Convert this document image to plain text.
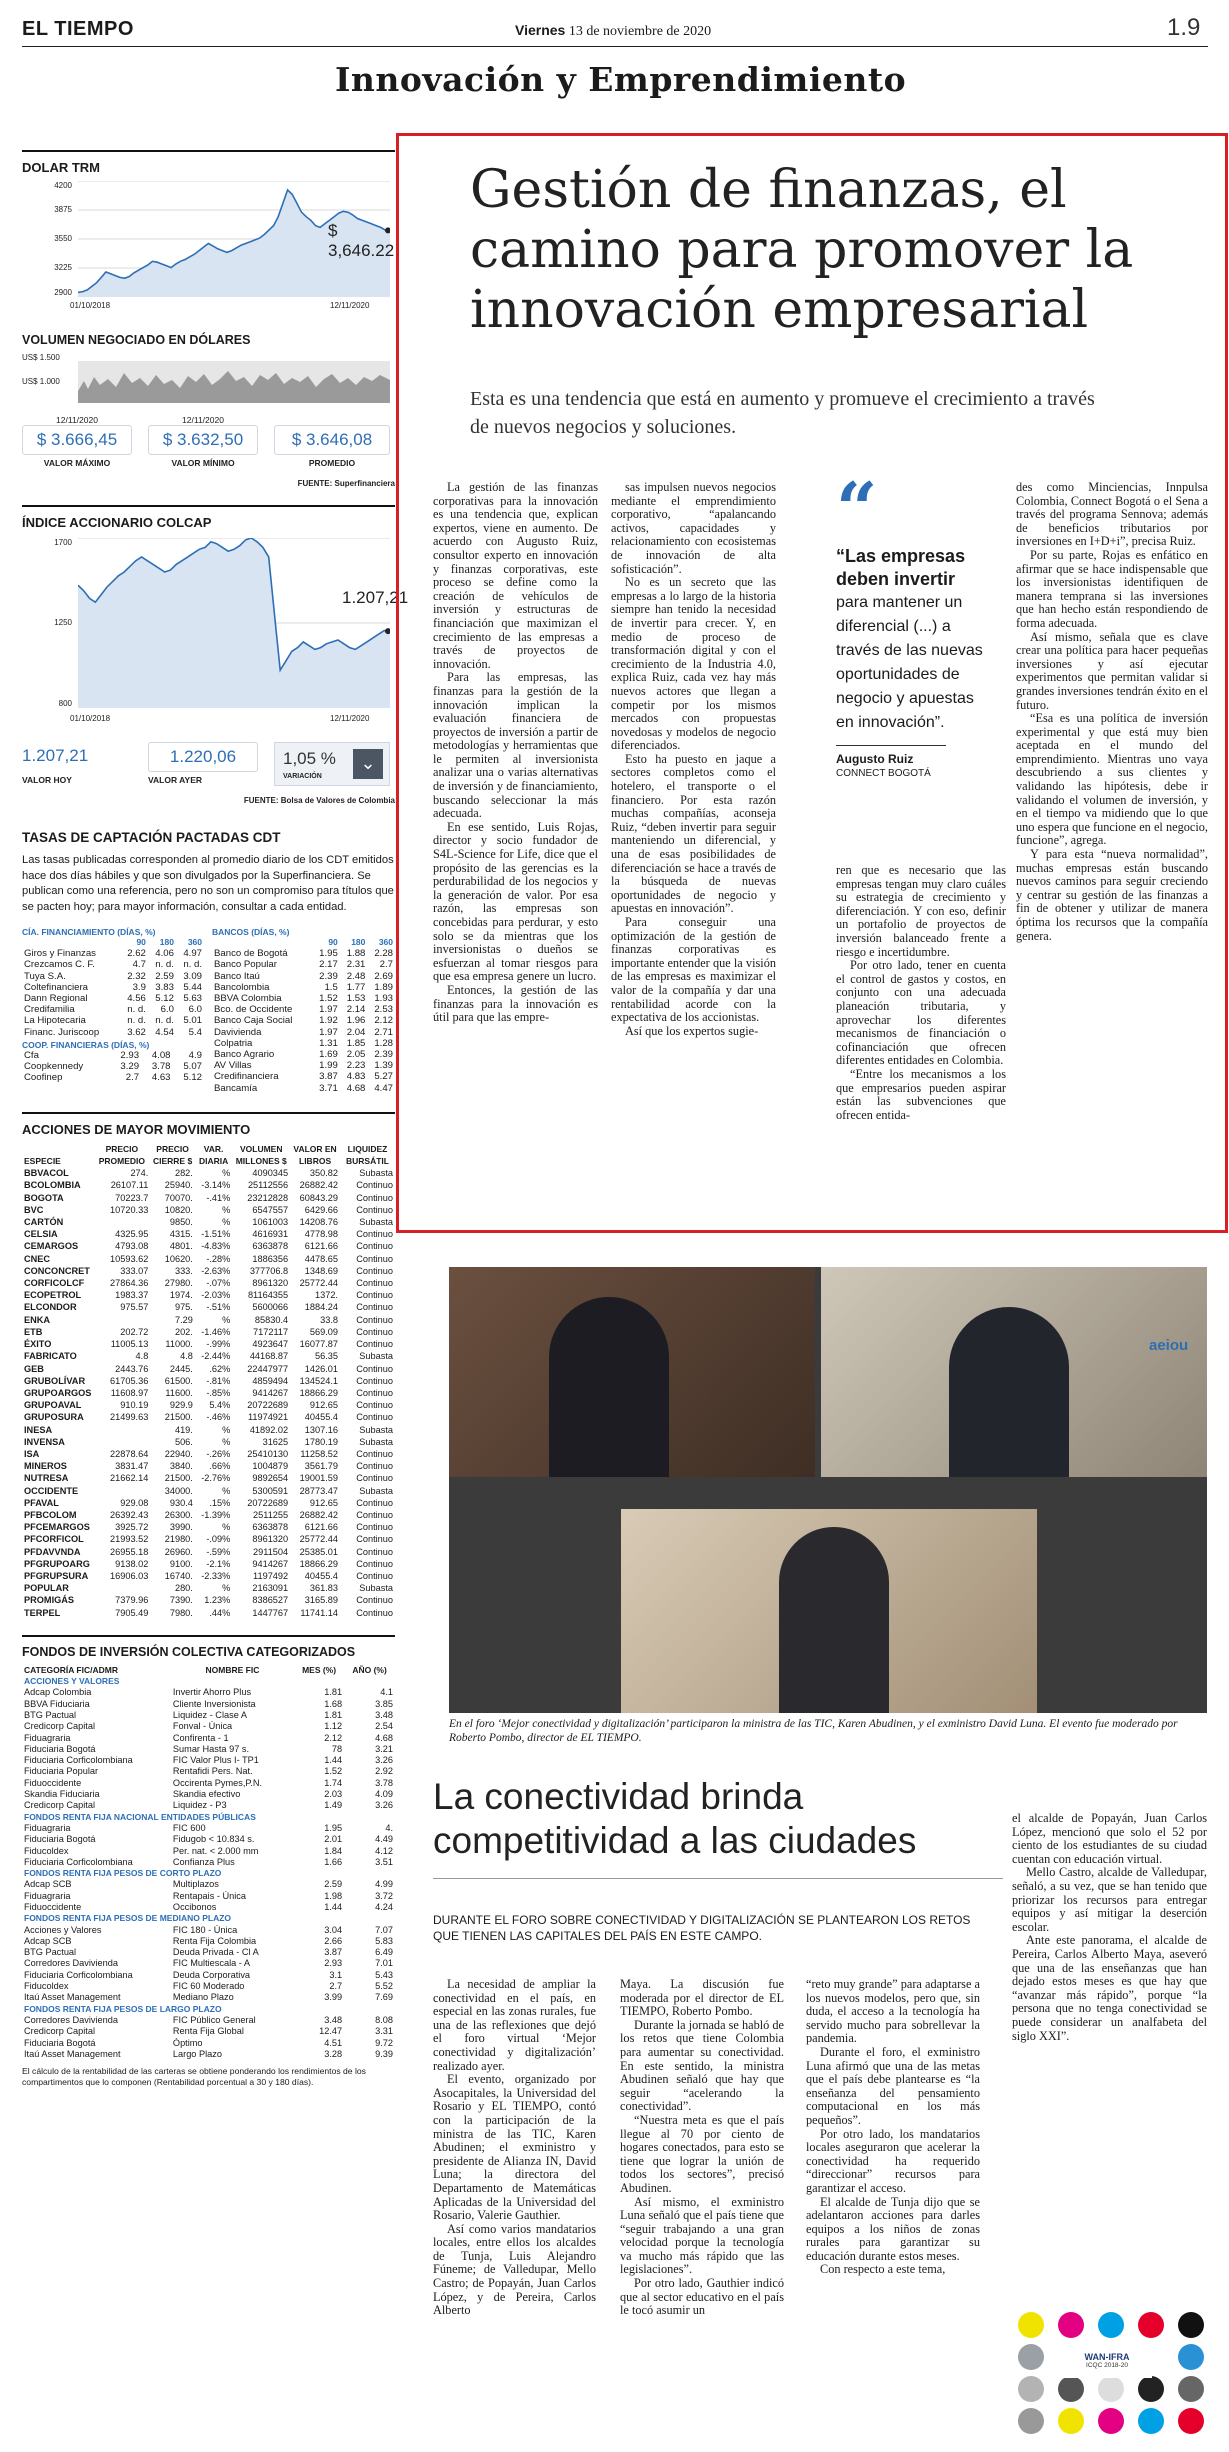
EL TIEMPO	Viernes 13 de noviembre de 2020	1.9
Innovación y Emprendimiento
DOLAR TRM
4200
3875
3550
3225
2900
01/10/2018	12/11/2020
$ 3,646.22
VOLUMEN NEGOCIADO EN DÓLARES
US$ 1.500
US$ 1.000
12/11/2020
$ 3.666,45
VALOR MÁXIMO
12/11/2020
$ 3.632,50
VALOR MÍNIMO
$ 3.646,08
PROMEDIO
FUENTE: Superfinanciera
ÍNDICE ACCIONARIO COLCAP
1700
1250
800
01/10/2018	12/11/2020
1.207,21
1.207,21
VALOR HOY
1.220,06
VALOR AYER
1,05 %
VARIACIÓN
⌄
FUENTE: Bolsa de Valores de Colombia
TASAS DE CAPTACIÓN PACTADAS CDT
Las tasas publicadas corresponden al promedio diario de los CDT emitidos hace dos días hábiles y que son divulgados por la Superfinanciera. Se publican como una referencia, pero no son un compromiso para títulos que se pacten hoy; para mayor información, consultar a cada entidad.
CÍA. FINANCIAMIENTO (DÍAS, %)
	90	180	360
Giros y Finanzas	2.62	4.06	4.97
Crezcamos C. F.	4.7	n. d.	n. d.
Tuya S.A.	2.32	2.59	3.09
Coltefinanciera	3.9	3.83	5.44
Dann Regional	4.56	5.12	5.63
Credifamilia	n. d.	6.0	6.0
La Hipotecaria	n. d.	n. d.	5.01
Financ. Juriscoop	3.62	4.54	5.4
COOP. FINANCIERAS (DÍAS, %)
Cfa	2.93	4.08	4.9
Coopkennedy	3.29	3.78	5.07
Coofinep	2.7	4.63	5.12
BANCOS (DÍAS, %)
	90	180	360
Banco de Bogotá	1.95	1.88	2.28
Banco Popular	2.17	2.31	2.7
Banco Itaú	2.39	2.48	2.69
Bancolombia	1.5	1.77	1.89
BBVA Colombia	1.52	1.53	1.93
Bco. de Occidente	1.97	2.14	2.53
Banco Caja Social	1.92	1.96	2.12
Davivienda	1.97	2.04	2.71
Colpatria	1.31	1.85	1.28
Banco Agrario	1.69	2.05	2.39
AV Villas	1.99	2.23	1.39
Credifinanciera	3.87	4.83	5.27
Bancamía	3.71	4.68	4.47
ACCIONES DE MAYOR MOVIMIENTO
ESPECIE	PRECIO PROMEDIO	PRECIO CIERRE $	VAR. DIARIA	VOLUMEN MILLONES $	VALOR EN LIBROS	LIQUIDEZ BURSÁTIL
BBVACOL	274.	282.	%	4090345	350.82	Subasta
BCOLOMBIA	26107.11	25940.	-3.14%	25112556	26882.42	Continuo
BOGOTA	70223.7	70070.	-.41%	23212828	60843.29	Continuo
BVC	10720.33	10820.	%	6547557	6429.66	Continuo
CARTÓN		9850.	%	1061003	14208.76	Subasta
CELSIA	4325.95	4315.	-1.51%	4616931	4778.98	Continuo
CEMARGOS	4793.08	4801.	-4.83%	6363878	6121.66	Continuo
CNEC	10593.62	10620.	-.28%	1886356	4478.65	Continuo
CONCONCRET	333.07	333.	-2.63%	377706.8	1348.69	Continuo
CORFICOLCF	27864.36	27980.	-.07%	8961320	25772.44	Continuo
ECOPETROL	1983.37	1974.	-2.03%	81164355	1372.	Continuo
ELCONDOR	975.57	975.	-.51%	5600066	1884.24	Continuo
ENKA		7.29	%	85830.4	33.8	Continuo
ETB	202.72	202.	-1.46%	7172117	569.09	Continuo
ÉXITO	11005.13	11000.	-.99%	4923647	16077.87	Continuo
FABRICATO	4.8	4.8	-2.44%	44168.87	56.35	Subasta
GEB	2443.76	2445.	.62%	22447977	1426.01	Continuo
GRUBOLÍVAR	61705.36	61500.	-.81%	4859494	134524.1	Continuo
GRUPOARGOS	11608.97	11600.	-.85%	9414267	18866.29	Continuo
GRUPOAVAL	910.19	929.9	5.4%	20722689	912.65	Continuo
GRUPOSURA	21499.63	21500.	-.46%	11974921	40455.4	Continuo
INESA		419.	%	41892.02	1307.16	Subasta
INVENSA		506.	%	31625	1780.19	Subasta
ISA	22878.64	22940.	-.26%	25410130	11258.52	Continuo
MINEROS	3831.47	3840.	.66%	1004879	3561.79	Continuo
NUTRESA	21662.14	21500.	-2.76%	9892654	19001.59	Continuo
OCCIDENTE		34000.	%	5300591	28773.47	Subasta
PFAVAL	929.08	930.4	.15%	20722689	912.65	Continuo
PFBCOLOM	26392.43	26300.	-1.39%	2511255	26882.42	Continuo
PFCEMARGOS	3925.72	3990.	%	6363878	6121.66	Continuo
PFCORFICOL	21993.52	21980.	-.09%	8961320	25772.44	Continuo
PFDAVVNDA	26955.18	26960.	-.59%	2911504	25385.01	Continuo
PFGRUPOARG	9138.02	9100.	-2.1%	9414267	18866.29	Continuo
PFGRUPSURA	16906.03	16740.	-2.33%	1197492	40455.4	Continuo
POPULAR		280.	%	2163091	361.83	Subasta
PROMIGÁS	7379.96	7390.	1.23%	8386527	3165.89	Continuo
TERPEL	7905.49	7980.	.44%	1447767	11741.14	Continuo
FONDOS DE INVERSIÓN COLECTIVA CATEGORIZADOS
CATEGORÍA FIC/ADMR	NOMBRE FIC	MES (%)	AÑO (%)
ACCIONES Y VALORES			
Adcap Colombia	Invertir Ahorro Plus	1.81	4.1
BBVA Fiduciaria	Cliente Inversionista	1.68	3.85
BTG Pactual	Liquidez - Clase A	1.81	3.48
Credicorp Capital	Fonval - Única	1.12	2.54
Fiduagraria	Confirenta - 1	2.12	4.68
Fiduciaria Bogotá	Sumar Hasta 97 s.	78	3.21
Fiduciaria Corficolombiana	FIC Valor Plus I- TP1	1.44	3.26
Fiduciaria Popular	Rentafidi Pers. Nat.	1.52	2.92
Fiduoccidente	Occirenta Pymes,P.N.	1.74	3.78
Skandia Fiduciaria	Skandia efectivo	2.03	4.09
Credicorp Capital	Liquidez - P3	1.49	3.26
FONDOS RENTA FIJA NACIONAL ENTIDADES PÚBLICAS			
Fiduagraria	FIC 600	1.95	4.
Fiduciaria Bogotá	Fidugob < 10.834 s.	2.01	4.49
Fiducoldex	Per. nat. < 2.000 mm	1.84	4.12
Fiduciaria Corficolombiana	Confianza Plus	1.66	3.51
FONDOS RENTA FIJA PESOS DE CORTO PLAZO			
Adcap SCB	Multiplazos	2.59	4.99
Fiduagraria	Rentapais - Única	1.98	3.72
Fiduoccidente	Occibonos	1.44	4.24
FONDOS RENTA FIJA PESOS DE MEDIANO PLAZO			
Acciones y Valores	FIC 180 - Única	3.04	7.07
Adcap SCB	Renta Fija Colombia	2.66	5.83
BTG Pactual	Deuda Privada - Cl A	3.87	6.49
Corredores Davivienda	FIC Multiescala - A	2.93	7.01
Fiduciaria Corficolombiana	Deuda Corporativa	3.1	5.43
Fiducoldex	FIC 60 Moderado	2.7	5.52
Itaú Asset Management	Mediano Plazo	3.99	7.69
FONDOS RENTA FIJA PESOS DE LARGO PLAZO			
Corredores Davivienda	FIC Público General	3.48	8.08
Credicorp Capital	Renta Fija Global	12.47	3.31
Fiduciaria Bogotá	Óptimo	4.51	9.72
Itaú Asset Management	Largo Plazo	3.28	9.39
El cálculo de la rentabilidad de las carteras se obtiene ponderando los rendimientos de los compartimentos que lo componen (Rentabilidad porcentual a 30 y 180 días).
Gestión de finanzas, el camino para promover la innovación empresarial
Esta es una tendencia que está en aumento y promueve el crecimiento a través de nuevos negocios y soluciones.

La gestión de las finanzas corporativas para la innovación es una tendencia que, explican expertos, viene en aumento. De acuerdo con Augusto Ruiz, consultor experto en innovación y finanzas corporativas, este proceso se define como la creación de vehículos de inversión y estructuras de financiación que maximizan el crecimiento de las empresas a través de proyectos de innovación.

Para las empresas, las finanzas para la gestión de la innovación implican la evaluación financiera de proyectos de inversión a partir de metodologías y herramientas que le permiten al inversionista analizar una o varias alternativas de inversión y de financiamiento, buscando seleccionar la más adecuada.

En ese sentido, Luis Rojas, director y socio fundador de S4L-Science for Life, dice que el propósito de las gerencias es la perdurabilidad de los negocios y la generación de valor. Por esa razón, las empresas son concebidas para perdurar, y esto solo se da mientras que los inversionistas o dueños se esfuerzan al tomar riesgos para que esa empresa genere un lucro.

Entonces, la gestión de las finanzas para la innovación es útil para que las empre-

sas impulsen nuevos negocios mediante el emprendimiento corporativo, “apalancando activos, capacidades y relacionamiento con ecosistemas de innovación de alta sofisticación”.

No es un secreto que las empresas a lo largo de la historia siempre han tenido la necesidad de invertir para crecer. Y, en medio de proceso de transformación digital y con el crecimiento de la Industria 4.0, explica Ruiz, cada vez hay más nuevos actores que llegan a competir por los mismos mercados con propuestas novedosas y modelos de negocio diferenciados.

Esto ha puesto en jaque a sectores completos como el hotelero, el transporte o el financiero. Por esta razón muchas compañías, aconseja Ruiz, “deben invertir para seguir manteniendo un diferencial, y una de esas posibilidades de diferenciación se hace a través de la búsqueda de nuevas oportunidades de negocio y apuestas en innovación”.

Para conseguir una optimización de la gestión de finanzas corporativas es importante entender que la visión de las empresas es maximizar el valor de la compañía y dar una rentabilidad acorde con la expectativa de los accionistas.

Así que los expertos sugie-

“
“Las empresas deben invertir
para mantener un diferencial (...) a través de las nuevas oportunidades de negocio y apuestas en innovación”.
Augusto Ruiz
CONNECT BOGOTÁ

ren que es necesario que las empresas tengan muy claro cuáles su estrategia de crecimiento y diferenciación. Y con eso, definir un portafolio de proyectos de inversión balanceado frente a riesgo e incertidumbre.

Por otro lado, tener en cuenta el control de gastos y costos, en conjunto con una adecuada planeación tributaria, y aprovechar los diferentes mecanismos de financiación o cofinanciación que ofrecen diferentes entidades en Colombia.

“Entre los mecanismos a los que empresarios pueden aspirar están las subvenciones que ofrecen entida-

des como Minciencias, Innpulsa Colombia, Connect Bogotá o el Sena a través del programa Sennova; además de beneficios tributarios por inversiones en I+D+i”, precisa Ruiz.

Por su parte, Rojas es enfático en afirmar que se hace indispensable que los inversionistas identifiquen de manera temprana si las inversiones que han hecho están respondiendo de forma adecuada.

Así mismo, señala que es clave crear una política para hacer pequeñas inversiones y así ejecutar experimentos que permitan validar si grandes inversiones tendrán éxito en el futuro.

“Esa es una política de inversión experimental y que está muy bien aceptada en el mundo del emprendimiento. Mientras uno vaya descubriendo a sus clientes y validando las hipótesis, debe ir validando el volumen de inversión, y en el tiempo va midiendo que lo que uno espera que funcione en el negocio, funcione”, agrega.

Y para esta “nueva normalidad”, muchas empresas están buscando nuevos caminos para seguir creciendo y centrar su gestión de las finanzas a fin de obtener y utilizar de manera óptima los recursos que la compañía genera.

aeiou
En el foro ‘Mejor conectividad y digitalización’ participaron la ministra de las TIC, Karen Abudinen, y el exministro David Luna. El evento fue moderado por Roberto Pombo, director de EL TIEMPO.
La conectividad brinda competitividad a las ciudades
DURANTE EL FORO SOBRE CONECTIVIDAD Y DIGITALIZACIÓN SE PLANTEARON LOS RETOS QUE TIENEN LAS CAPITALES DEL PAÍS EN ESTE CAMPO.

La necesidad de ampliar la conectividad en el país, en especial en las zonas rurales, fue una de las reflexiones que dejó el foro virtual ‘Mejor conectividad y digitalización’ realizado ayer.

El evento, organizado por Asocapitales, la Universidad del Rosario y EL TIEMPO, contó con la participación de la ministra de las TIC, Karen Abudinen; el exministro y presidente de Alianza IN, David Luna; la directora del Departamento de Matemáticas Aplicadas de la Universidad del Rosario, Valerie Gauthier.

Así como varios mandatarios locales, entre ellos los alcaldes de Tunja, Luis Alejandro Fúneme; de Valledupar, Mello Castro; de Popayán, Juan Carlos López, y de Pereira, Carlos Alberto

Maya. La discusión fue moderada por el director de EL TIEMPO, Roberto Pombo.

Durante la jornada se habló de los retos que tiene Colombia para aumentar su conectividad. En este sentido, la ministra Abudinen señaló que hay que seguir “acelerando la conectividad”.

“Nuestra meta es que el país llegue al 70 por ciento de hogares conectados, para esto se tiene que lograr la unión de todos los sectores”, precisó Abudinen.

Así mismo, el exministro Luna señaló que el país tiene que “seguir trabajando a una gran velocidad porque la tecnología va mucho más rápido que las legislaciones”.

Por otro lado, Gauthier indicó que al sector educativo en el país le tocó asumir un

“reto muy grande” para adaptarse a los nuevos modelos, pero que, sin duda, el acceso a la tecnología ha servido mucho para sobrellevar la pandemia.

Durante el foro, el exministro Luna afirmó que una de las metas que el país debe plantearse es “la enseñanza del pensamiento computacional en los más pequeños”.

Por otro lado, los mandatarios locales aseguraron que acelerar la conectividad ha requerido “direccionar” recursos para garantizar el acceso.

El alcalde de Tunja dijo que se adelantaron acciones para darles equipos a los niños de zonas rurales para garantizar su educación durante estos meses.

Con respecto a este tema,

el alcalde de Popayán, Juan Carlos López, mencionó que solo el 52 por ciento de los estudiantes de su ciudad cuentan con educación virtual.

Mello Castro, alcalde de Valledupar, señaló, a su vez, que se han tenido que priorizar los recursos para entregar equipos y así mitigar la deserción escolar.

Ante este panorama, el alcalde de Pereira, Carlos Alberto Maya, aseveró que una de las enseñanzas que han dejado estos meses es que hay que “avanzar más rápido”, porque “la persona que no tenga conectividad se puede considerar un analfabeta del siglo XXI”.

WAN-IFRA
ICQC 2018-20
